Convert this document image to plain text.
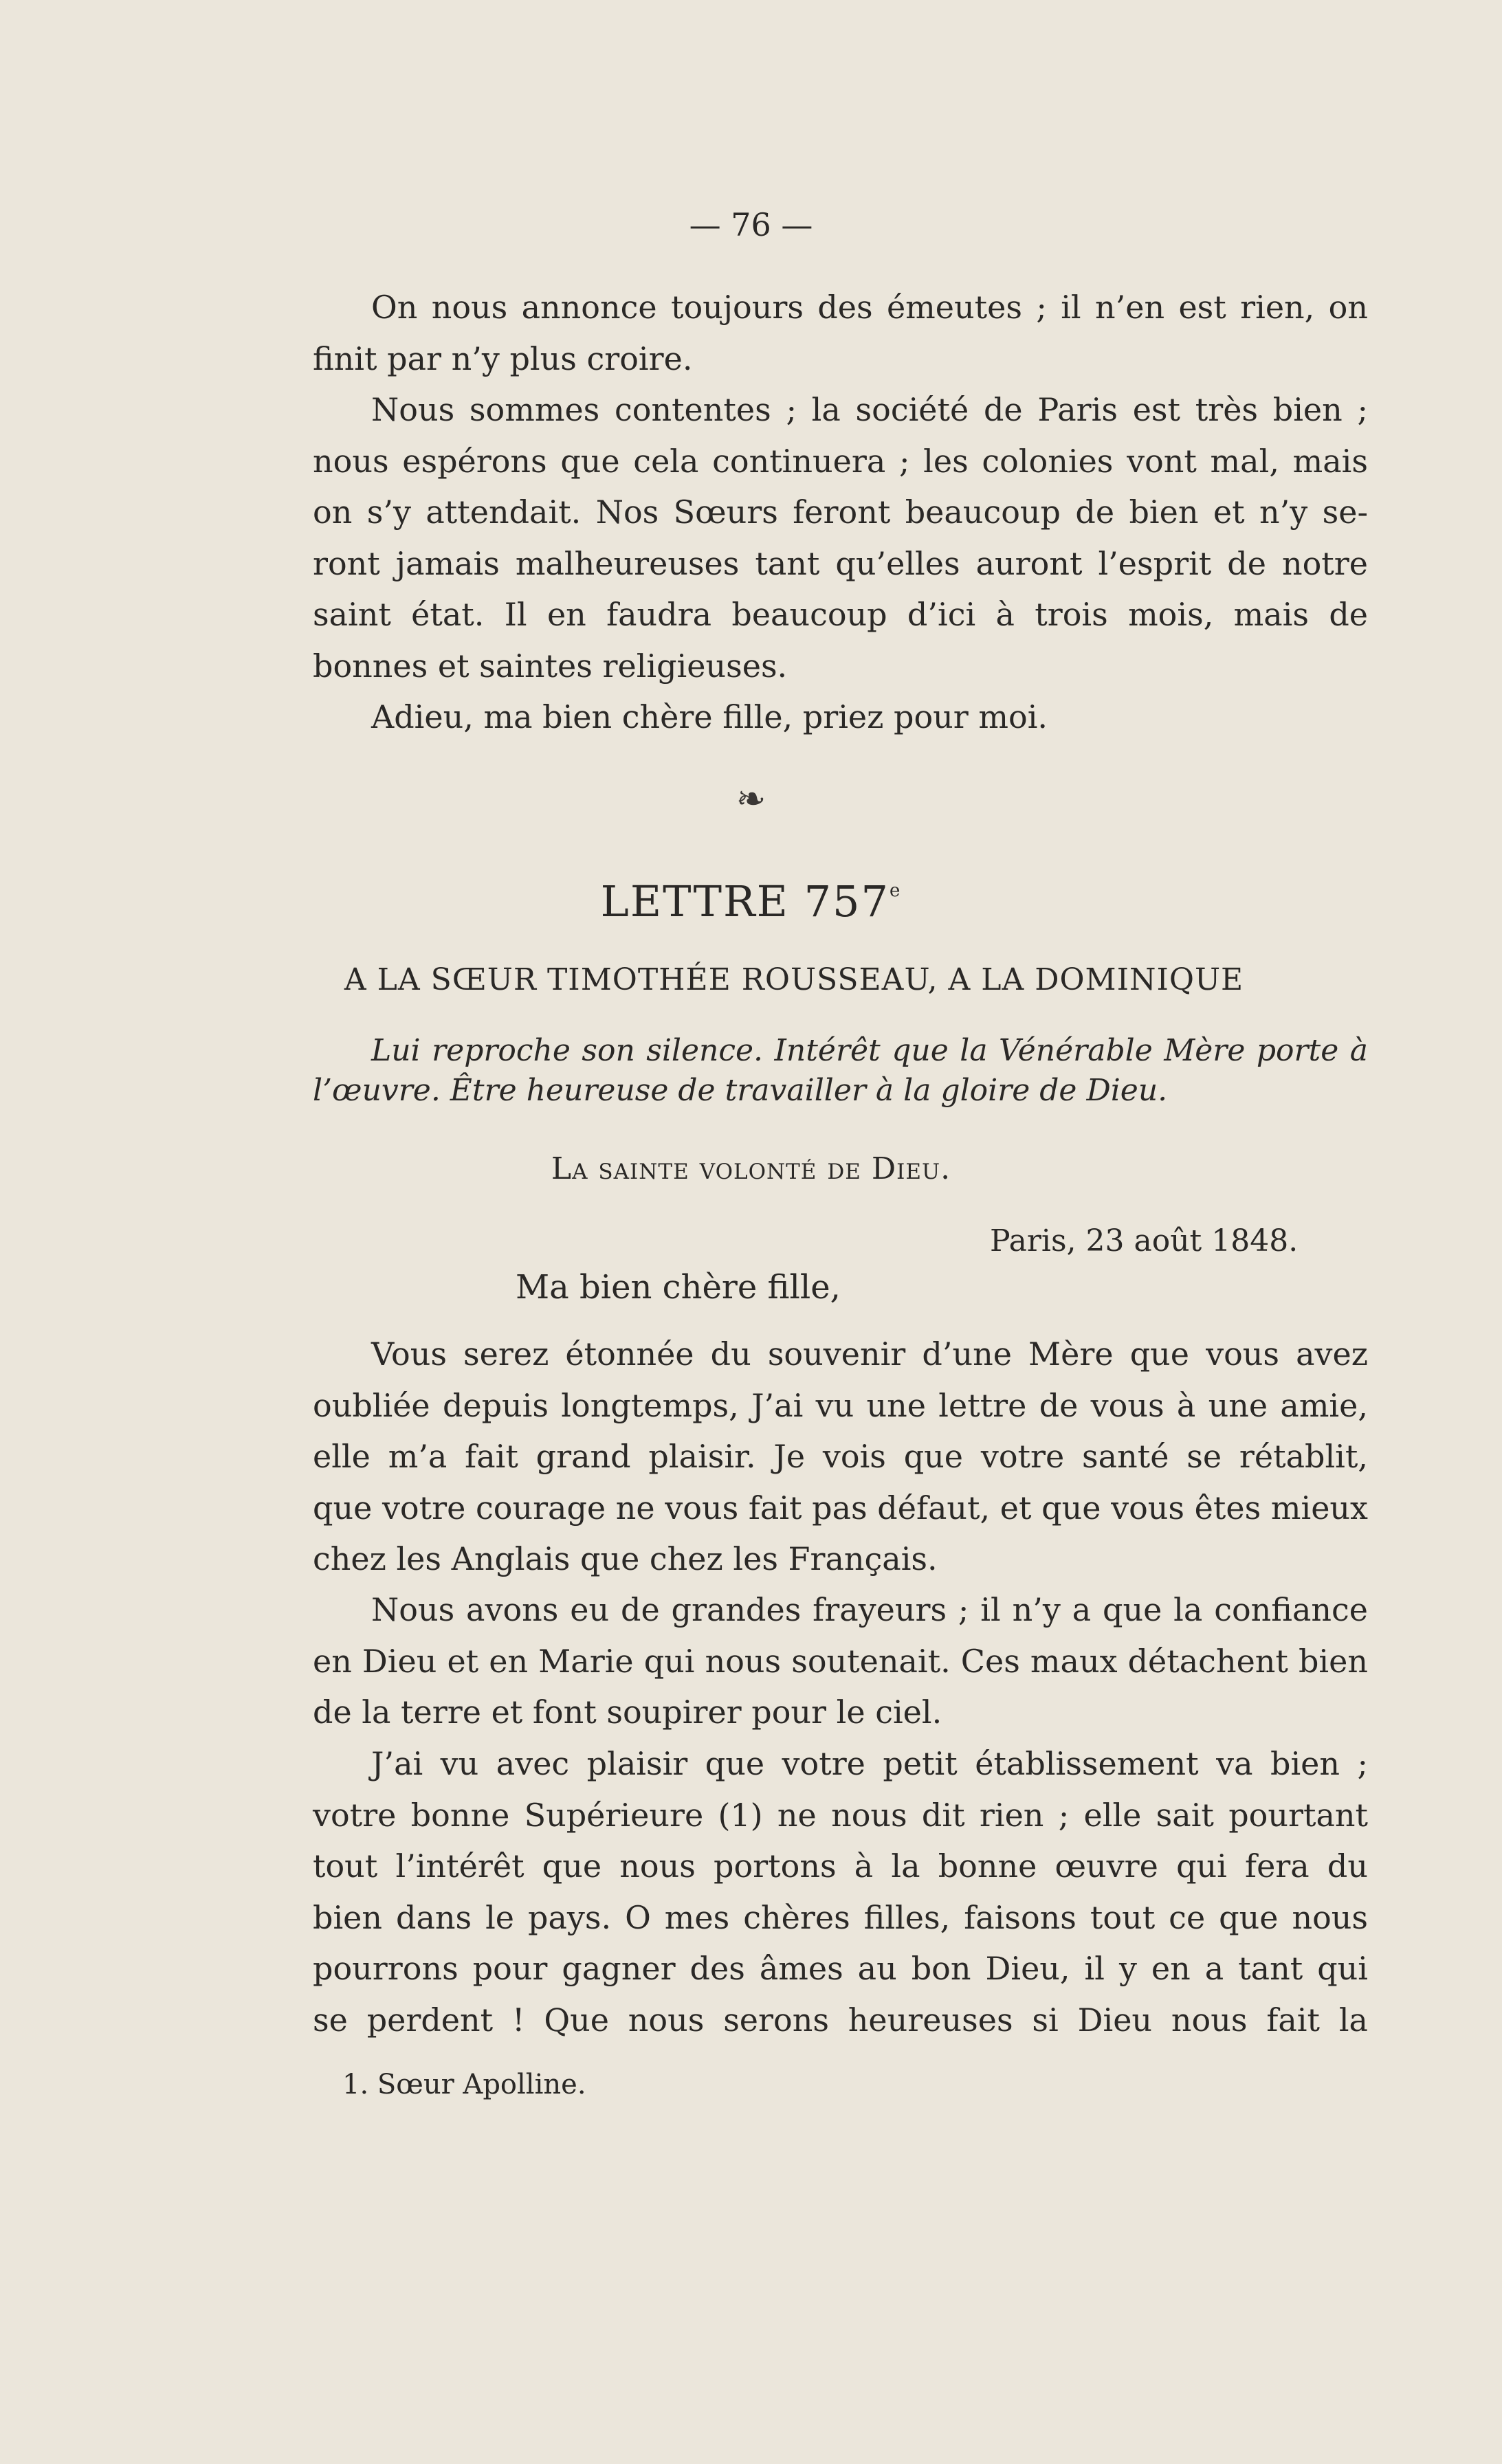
— 76 —
On nous annonce toujours des émeutes ; il n’en est rien, on
finit par n’y plus croire.
Nous sommes contentes ; la société de Paris est très bien ;
nous espérons que cela continuera ; les colonies vont mal, mais
on s’y attendait. Nos Sœurs feront beaucoup de bien et n’y se-
ront jamais malheureuses tant qu’elles auront l’esprit de notre
saint état. Il en faudra beaucoup d’ici à trois mois, mais de
bonnes et saintes religieuses.
Adieu, ma bien chère fille, priez pour moi.
❧
LETTRE 757e
A LA SŒUR TIMOTHÉE ROUSSEAU, A LA DOMINIQUE
Lui reproche son silence. Intérêt que la Vénérable Mère porte à
l’œuvre. Être heureuse de travailler à la gloire de Dieu.
La sainte volonté de Dieu.
Paris, 23 août 1848.
Ma bien chère fille,
Vous serez étonnée du souvenir d’une Mère que vous avez
oubliée depuis longtemps, J’ai vu une lettre de vous à une amie,
elle m’a fait grand plaisir. Je vois que votre santé se rétablit,
que votre courage ne vous fait pas défaut, et que vous êtes mieux
chez les Anglais que chez les Français.
Nous avons eu de grandes frayeurs ; il n’y a que la confiance
en Dieu et en Marie qui nous soutenait. Ces maux détachent bien
de la terre et font soupirer pour le ciel.
J’ai vu avec plaisir que votre petit établissement va bien ;
votre bonne Supérieure (1) ne nous dit rien ; elle sait pourtant
tout l’intérêt que nous portons à la bonne œuvre qui fera du
bien dans le pays. O mes chères filles, faisons tout ce que nous
pourrons pour gagner des âmes au bon Dieu, il y en a tant qui
se perdent ! Que nous serons heureuses si Dieu nous fait la
1. Sœur Apolline.
